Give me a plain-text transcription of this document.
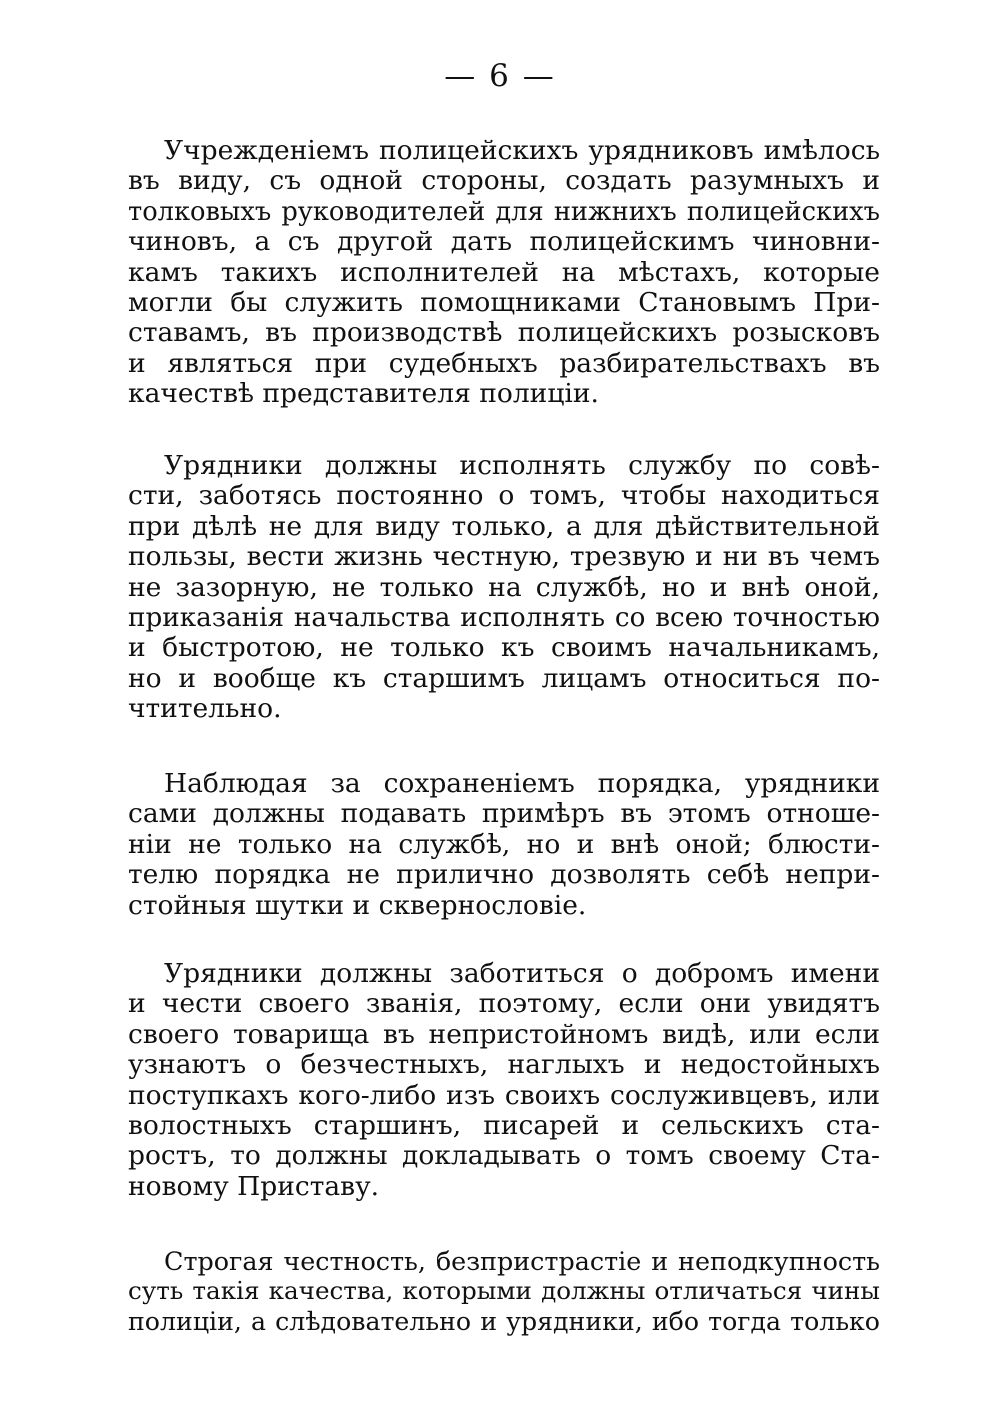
— 6 —
Учрежденіемъ полицейскихъ урядниковъ имѣлось
въ виду, съ одной стороны, создать разумныхъ и
толковыхъ руководителей для нижнихъ полицейскихъ
чиновъ, а съ другой дать полицейскимъ чиновни-
камъ такихъ исполнителей на мѣстахъ, которые
могли бы служить помощниками Становымъ При-
ставамъ, въ производствѣ полицейскихъ розысковъ
и являться при судебныхъ разбирательствахъ въ
качествѣ представителя полиціи.
Урядники должны исполнять службу по совѣ-
сти, заботясь постоянно о томъ, чтобы находиться
при дѣлѣ не для виду только, а для дѣйствительной
пользы, вести жизнь честную, трезвую и ни въ чемъ
не зазорную, не только на службѣ, но и внѣ оной,
приказанія начальства исполнять со всею точностью
и быстротою, не только къ своимъ начальникамъ,
но и вообще къ старшимъ лицамъ относиться по-
чтительно.
Наблюдая за сохраненіемъ порядка, урядники
сами должны подавать примѣръ въ этомъ отноше-
ніи не только на службѣ, но и внѣ оной; блюсти-
телю порядка не прилично дозволять себѣ непри-
стойныя шутки и сквернословіе.
Урядники должны заботиться о добромъ имени
и чести своего званія, поэтому, если они увидятъ
своего товарища въ непристойномъ видѣ, или если
узнаютъ о безчестныхъ, наглыхъ и недостойныхъ
поступкахъ кого-либо изъ своихъ сослуживцевъ, или
волостныхъ старшинъ, писарей и сельскихъ ста-
ростъ, то должны докладывать о томъ своему Ста-
новому Приставу.
Строгая честность, безпристрастіе и неподкупность
суть такія качества, которыми должны отличаться чины
полиціи, а слѣдовательно и урядники, ибо тогда только
